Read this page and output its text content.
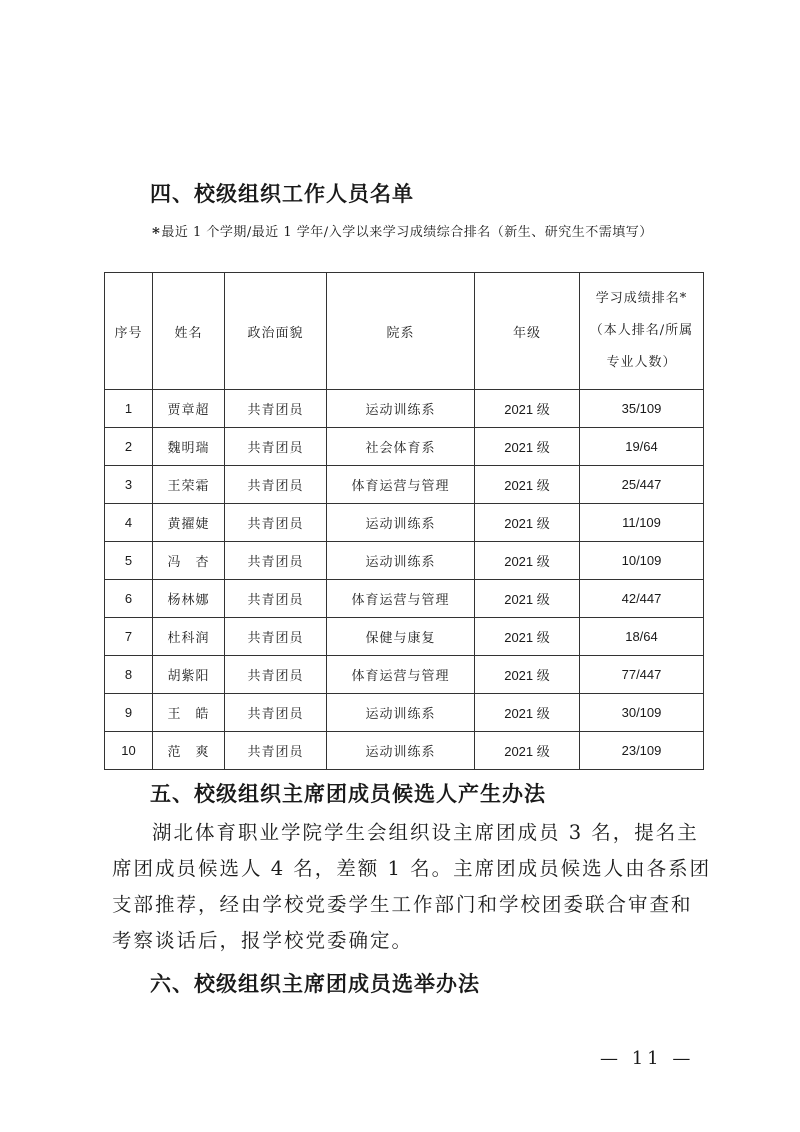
四、校级组织工作人员名单
*最近 1 个学期/最近 1 学年/入学以来学习成绩综合排名（新生、研究生不需填写）
序号	姓名	政治面貌	院系	年级	学习成绩排名*
（本人排名/所属
专业人数）

1	贾章超	共青团员	运动训练系	2021 级	35/109
2	魏明瑞	共青团员	社会体育系	2021 级	19/64
3	王荣霜	共青团员	体育运营与管理	2021 级	25/447
4	黄擢婕	共青团员	运动训练系	2021 级	11/109
5	冯　杏	共青团员	运动训练系	2021 级	10/109
6	杨林娜	共青团员	体育运营与管理	2021 级	42/447
7	杜科润	共青团员	保健与康复	2021 级	18/64
8	胡紫阳	共青团员	体育运营与管理	2021 级	77/447
9	王　皓	共青团员	运动训练系	2021 级	30/109
10	范　爽	共青团员	运动训练系	2021 级	23/109
五、校级组织主席团成员候选人产生办法

湖北体育职业学院学生会组织设主席团成员 3 名，提名主席团成员候选人 4 名，差额 1 名。主席团成员候选人由各系团支部推荐，经由学校党委学生工作部门和学校团委联合审查和考察谈话后，报学校党委确定。

六、校级组织主席团成员选举办法
— 11 —
